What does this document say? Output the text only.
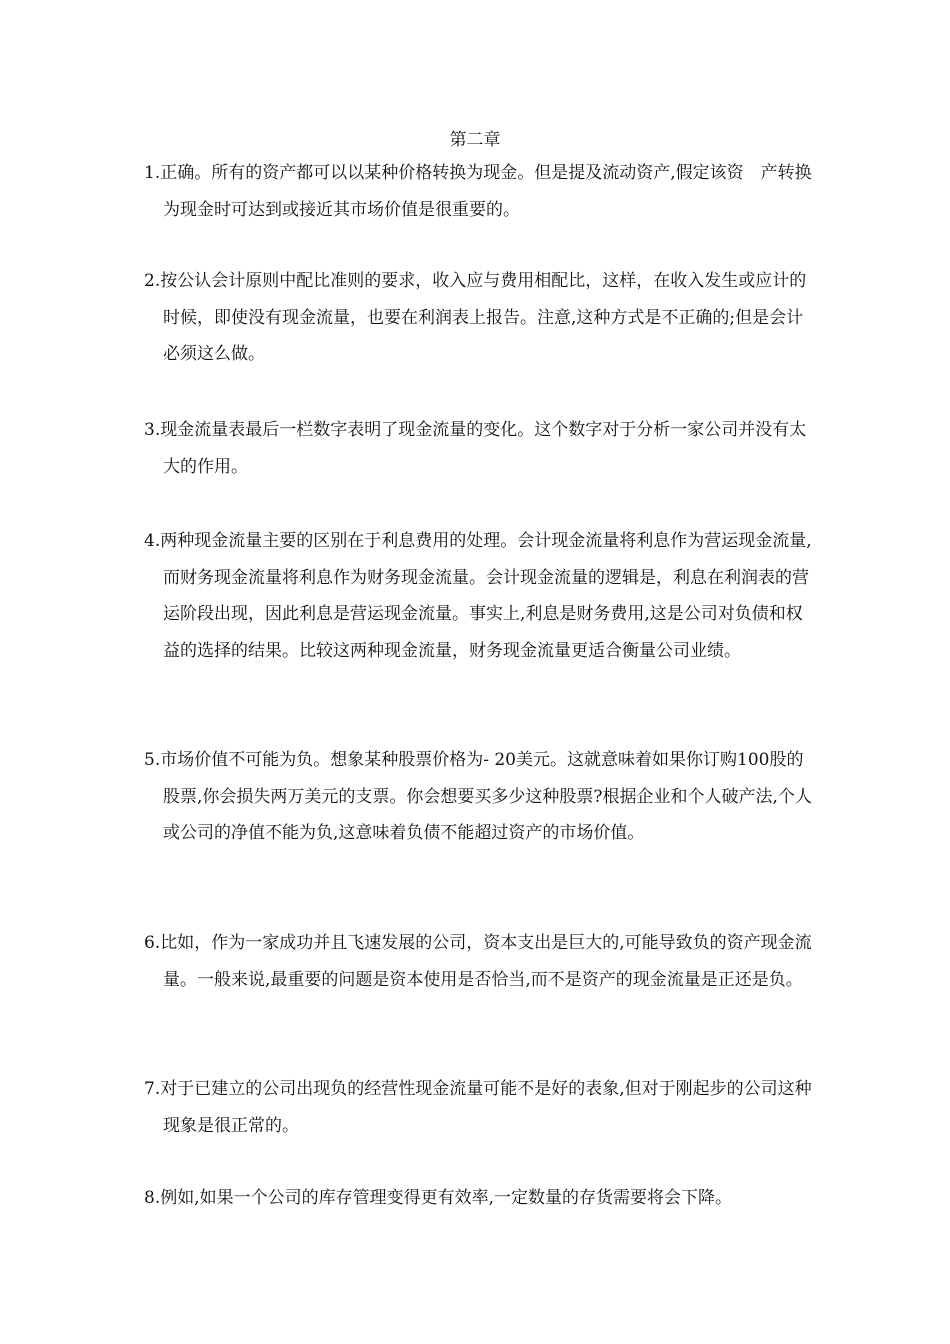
第二章

1.正确。所有的资产都可以以某种价格转换为现金。但是提及流动资产,假定该资　产转换为现金时可达到或接近其市场价值是很重要的。

2.按公认会计原则中配比准则的要求，收入应与费用相配比，这样，在收入发生或应计的时候，即使没有现金流量，也要在利润表上报告。注意,这种方式是不正确的;但是会计必须这么做。

3.现金流量表最后一栏数字表明了现金流量的变化。这个数字对于分析一家公司并没有太大的作用。

4.两种现金流量主要的区别在于利息费用的处理。会计现金流量将利息作为营运现金流量,而财务现金流量将利息作为财务现金流量。会计现金流量的逻辑是，利息在利润表的营运阶段出现，因此利息是营运现金流量。事实上,利息是财务费用,这是公司对负债和权益的选择的结果。比较这两种现金流量，财务现金流量更适合衡量公司业绩。

5.市场价值不可能为负。想象某种股票价格为- 20美元。这就意味着如果你订购100股的股票,你会损失两万美元的支票。你会想要买多少这种股票?根据企业和个人破产法,个人或公司的净值不能为负,这意味着负债不能超过资产的市场价值。

6.比如，作为一家成功并且飞速发展的公司，资本支出是巨大的,可能导致负的资产现金流量。一般来说,最重要的问题是资本使用是否恰当,而不是资产的现金流量是正还是负。

7.对于已建立的公司出现负的经营性现金流量可能不是好的表象,但对于刚起步的公司这种现象是很正常的。

8.例如,如果一个公司的库存管理变得更有效率,一定数量的存货需要将会下降。
